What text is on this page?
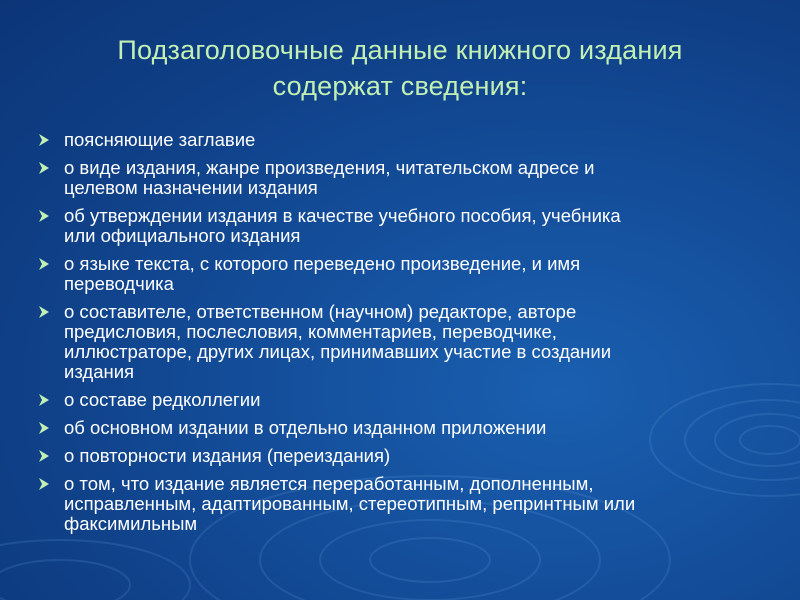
Подзаголовочные данные книжного издания
содержат сведения:
поясняющие заглавие
о виде издания, жанре произведения, читательском адресе и
целевом назначении издания
об утверждении издания в качестве учебного пособия, учебника
или официального издания
о языке текста, с которого переведено произведение, и имя
переводчика
о составителе, ответственном (научном) редакторе, авторе
предисловия, послесловия, комментариев, переводчике,
иллюстраторе, других лицах, принимавших участие в создании
издания
о составе редколлегии
об основном издании в отдельно изданном приложении
о повторности издания (переиздания)
о том, что издание является переработанным, дополненным,
исправленным, адаптированным, стереотипным, репринтным или
факсимильным
